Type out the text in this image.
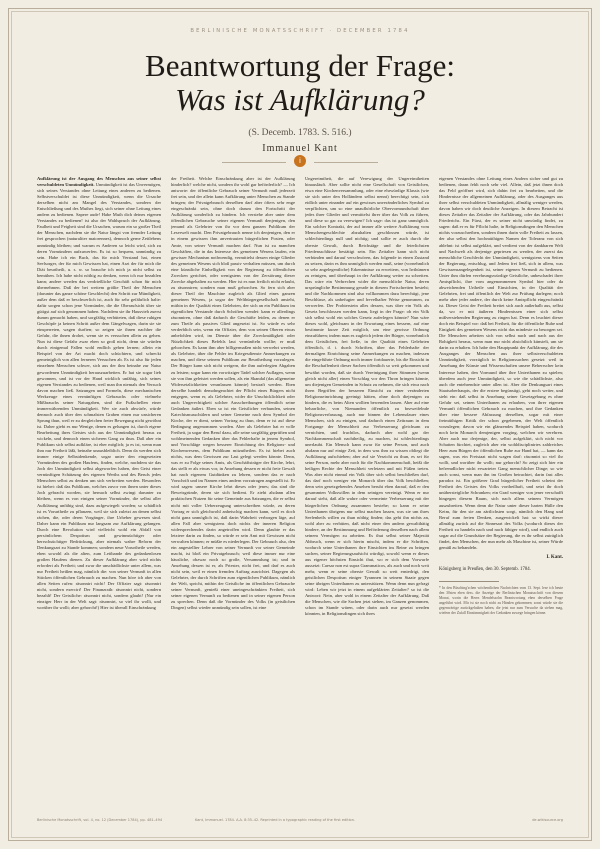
BERLINISCHE MONATSSCHRIFT · DECEMBER 1784
Beantwortung der Frage:
Was ist Aufklärung?
(S. Decemb. 1783. S. 516.)
Immanuel Kant
i

Aufklärung ist der Ausgang des Menschen aus seiner selbst verschuldeten Unmündigkeit. Unmündigkeit ist das Unvermögen, sich seines Verstandes ohne Leitung eines anderen zu bedienen. Selbstverschuldet ist diese Unmündigkeit, wenn die Ursache derselben nicht am Mangel des Verstandes, sondern der Entschließung und des Muthes liegt, sich seiner ohne Leitung eines andern zu bedienen. Sapere aude! Habe Muth dich deines eigenen Verstandes zu bedienen! ist also der Wahlspruch der Aufklärung. Faulheit und Feigheit sind die Ursachen, warum ein so großer Theil der Menschen, nachdem sie die Natur längst von fremder Leitung frei gesprochen (naturaliter maiorennes), dennoch gerne Zeitlebens unmündig bleiben; und warum es Anderen so leicht wird, sich zu deren Vormündern aufzuwerfen. Es ist so bequem, unmündig zu sein. Habe ich ein Buch, das für mich Verstand hat, einen Seelsorger, der für mich Gewissen hat, einen Arzt der für mich die Diät beurtheilt, u. s. w. so brauche ich mich ja nicht selbst zu bemühen. Ich habe nicht nöthig zu denken, wenn ich nur bezahlen kann; andere werden das verdrießliche Geschäft schon für mich übernehmen. Daß der bei weitem größte Theil der Menschen (darunter das ganze schöne Geschlecht) den Schritt zur Mündigkeit, außer dem daß er beschwerlich ist, auch für sehr gefährlich halte: dafür sorgen schon jene Vormünder, die die Oberaufsicht über sie gütigst auf sich genommen haben. Nachdem sie ihr Hausvieh zuerst dumm gemacht haben, und sorgfältig verhüteten, daß diese ruhigen Geschöpfe ja keinen Schritt außer dem Gängelwagen, darin sie sie einsperreten, wagen durften; so zeigen sie ihnen nachher die Gefahr, die ihnen drohet, wenn sie es versuchen allein zu gehen. Nun ist diese Gefahr zwar eben so groß nicht, denn sie würden durch einigemal Fallen wohl endlich gehen lernen; allein ein Beispiel von der Art macht doch schüchtern, und schreckt gemeiniglich von allen ferneren Versuchen ab. Es ist also für jeden einzelnen Menschen schwer, sich aus der ihm beinahe zur Natur gewordenen Unmündigkeit herauszuarbeiten. Er hat sie sogar lieb gewonnen, und ist vor der Hand wirklich unfähig, sich seines eigenen Verstandes zu bedienen, weil man ihn niemals den Versuch davon machen ließ. Satzungen und Formeln, diese mechanischen Werkzeuge eines vernünftigen Gebrauchs oder vielmehr Mißbrauchs seiner Naturgaben, sind die Fußschellen einer immerwährenden Unmündigkeit. Wer sie auch abwürfe, würde dennoch auch über den schmalsten Graben einen nur unsicheren Sprung thun, weil er zu dergleichen freier Bewegung nicht gewöhnt ist. Daher giebt es nur Wenige, denen es gelungen ist, durch eigene Bearbeitung ihres Geistes sich aus der Unmündigkeit heraus zu wickeln, und dennoch einen sicheren Gang zu thun. Daß aber ein Publikum sich selbst aufkläre, ist eher möglich; ja es ist, wenn man ihm nur Freiheit läßt, beinahe unausbleiblich. Denn da werden sich immer einige Selbstdenkende, sogar unter den eingesetzten Vormündern des großen Haufens, finden, welche, nachdem sie das Joch der Unmündigkeit selbst abgeworfen haben, den Geist einer vernünftigen Schätzung des eigenen Werths und des Berufs jedes Menschen selbst zu denken um sich verbreiten werden. Besonders ist hiebei: daß das Publikum, welches zuvor von ihnen unter dieses Joch gebracht worden, sie hernach selbst zwingt darunter zu bleiben, wenn es von einigen seiner Vormünder, die selbst aller Aufklärung unfähig sind, dazu aufgewiegelt worden; so schädlich ist es Vorurtheile zu pflanzen, weil sie sich zuletzt an denen selbst rächen, die, oder deren Vorgänger, ihre Urheber gewesen sind. Daher kann ein Publikum nur langsam zur Aufklärung gelangen. Durch eine Revolution wird vielleicht wohl ein Abfall von persönlichem Despotism und gewinnsüchtiger oder herrschsüchtiger Bedrückung, aber niemals wahre Reform der Denkungsart zu Stande kommen; sondern neue Vorurtheile werden, eben sowohl als die alten, zum Leitbande des gedankenlosen großen Haufens dienen. Zu dieser Aufklärung aber wird nichts erfordert als Freiheit; und zwar die unschädlichste unter allem, was nur Freiheit heißen mag, nämlich die: von seiner Vernunft in allen Stücken öffentlichen Gebrauch zu machen. Nun höre ich aber von allen Seiten rufen: räsonnirt nicht! Der Offizier sagt: räsonnirt nicht, sondern exercirt! Der Finanzrath: räsonnirt nicht, sondern bezahlt! Der Geistliche: räsonnirt nicht, sondern glaubt! (Nur ein einziger Herr in der Welt sagt: räsonnirt, so viel ihr wollt, und worüber ihr wollt; aber gehorcht!) Hier ist überall Einschränkung

der Freiheit. Welche Einschränkung aber ist der Aufklärung hinderlich? welche nicht, sondern ihr wohl gar beförderlich? — Ich antworte: der öffentliche Gebrauch seiner Vernunft muß jederzeit frei sein, und der allein kann Aufklärung unter Menschen zu Stande bringen; der Privatgebrauch derselben darf aber öfters sehr enge eingeschränkt sein, ohne doch darum den Fortschritt der Aufklärung sonderlich zu hindern. Ich verstehe aber unter dem öffentlichen Gebrauche seiner eigenen Vernunft denjenigen, den jemand als Gelehrter von ihr vor dem ganzen Publikum der Leserwelt macht. Den Privatgebrauch nenne ich denjenigen, den er in einem gewissen ihm anvertrauten bürgerlichen Posten, oder Amte, von seiner Vernunft machen darf. Nun ist zu manchen Geschäften, die in das Interesse des gemeinen Wesens laufen, ein gewisser Mechanism nothwendig, vermittelst dessen einige Glieder des gemeinen Wesens sich bloß passiv verhalten müssen, um durch eine künstliche Einhelligkeit von der Regierung zu öffentlichen Zwecken gerichtet, oder wenigstens von der Zerstörung dieser Zwecke abgehalten zu werden. Hier ist es nun freilich nicht erlaubt, zu räsonniren; sondern man muß gehorchen. So fern sich aber dieser Theil der Maschine zugleich als Glied eines ganzen gemeinen Wesens, ja sogar der Weltbürgergesellschaft ansieht, mithin in der Qualität eines Gelehrten, der sich an ein Publikum im eigentlichen Verstande durch Schriften wendet: kann er allerdings räsonniren, ohne daß dadurch die Geschäfte leiden, zu denen er zum Theile als passives Glied angesetzt ist. So würde es sehr verderblich sein, wenn ein Offizier, dem von seinen Oberen etwas anbefohlen wird, im Dienste über die Zweckmäßigkeit oder Nützlichkeit dieses Befehls laut vernünfteln wollte; er muß gehorchen. Es kann ihm aber billigermaßen nicht verwehrt werden, als Gelehrter, über die Fehler im Kriegesdienste Anmerkungen zu machen, und diese seinem Publikum zur Beurtheilung vorzulegen. Der Bürger kann sich nicht weigern, die ihm auferlegten Abgaben zu leisten; sogar kann ein vorwitziger Tadel solcher Auflagen, wenn sie von ihm geleistet werden sollen, als ein Skandal (das allgemeine Widersetzlichkeiten veranlassen könnte) bestraft werden. Eben derselbe handelt demohngeachtet der Pflicht eines Bürgers nicht entgegen, wenn er, als Gelehrter, wider die Unschicklichkeit oder auch Ungerechtigkeit solcher Ausschreibungen öffentlich seine Gedanken äußert. Eben so ist ein Geistlicher verbunden, seinen Katechismusschülern und seiner Gemeine nach dem Symbol der Kirche, der er dient, seinen Vortrag zu thun, denn er ist auf diese Bedingung angenommen worden. Aber als Gelehrter hat er volle Freiheit, ja sogar den Beruf dazu, alle seine sorgfältig geprüften und wohlmeinenden Gedanken über das Fehlerhafte in jenem Symbol, und Vorschläge wegen besserer Einrichtung des Religions- und Kirchenwesens, dem Publikum mitzutheilen. Es ist hiebei auch nichts, was dem Gewissen zur Last gelegt werden könnte. Denn, was er zu Folge seines Amts, als Geschäftsträger der Kirche, lehrt, das stellt er als etwas vor, in Ansehung dessen er nicht freie Gewalt hat nach eigenem Gutdünken zu lehren, sondern das er nach Vorschrift und im Namen eines andern vorzutragen angestellt ist. Er wird sagen: unsere Kirche lehrt dieses oder jenes; das sind die Beweisgründe, deren sie sich bedient. Er zieht alsdann allen praktischen Nutzen für seine Gemeinde aus Satzungen, die er selbst nicht mit voller Ueberzeugung unterschreiben würde, zu deren Vortrag er sich gleichwohl anheischig machen kann, weil es doch nicht ganz unmöglich ist, daß darin Wahrheit verborgen läge, auf allen Fall aber wenigstens doch nichts der inneren Religion widersprechendes darin angetroffen wird. Denn glaubte er das letztere darin zu finden, so würde er sein Amt mit Gewissen nicht verwalten können; er müßte es niederlegen. Der Gebrauch also, den ein angestellter Lehrer von seiner Vernunft vor seiner Gemeinde macht, ist bloß ein Privatgebrauch; weil diese immer nur eine häusliche, obzwar noch so große, Versammlung ist; und in Ansehung dessen ist er, als Priester, nicht frei, und darf es auch nicht sein, weil er einen fremden Auftrag ausrichtet. Dagegen als Gelehrter, der durch Schriften zum eigentlichen Publikum, nämlich der Welt, spricht, mithin der Geistliche im öffentlichen Gebrauche seiner Vernunft, genießt einer uneingeschränkten Freiheit, sich seiner eigenen Vernunft zu bedienen und in seiner eigenen Person zu sprechen. Denn daß die Vormünder des Volks (in geistlichen Dingen) selbst wieder unmündig sein sollen, ist eine

Ungereimtheit, die auf Verewigung der Ungereimtheiten hinausläuft. Aber sollte nicht eine Gesellschaft von Geistlichen, etwa eine Kirchenversammlung, oder eine ehrwürdige Klassis (wie sie sich unter den Holländern selbst nennt) berechtigt sein, sich eidlich unter einander auf ein gewisses unveränderliches Symbol zu verpflichten, um so eine unaufhörliche Obervormundschaft über jedes ihrer Glieder und vermittelst ihrer über das Volk zu führen, und diese so gar zu verewigen? Ich sage: das ist ganz unmöglich. Ein solcher Kontrakt, der auf immer alle weitere Aufklärung vom Menschengeschlechte abzuhalten geschlossen würde, ist schlechterdings null und nichtig; und sollte er auch durch die oberste Gewalt, durch Reichstäge und die feierlichsten Friedensschlüsse bestätigt sein. Ein Zeitalter kann sich nicht verbünden und darauf verschwören, das folgende in einen Zustand zu setzen, darin es ihm unmöglich werden muß, seine (vornehmlich so sehr angelegentliche) Erkenntnisse zu erweitern, von Irrthümern zu reinigen, und überhaupt in der Aufklärung weiter zu schreiten. Das wäre ein Verbrechen wider die menschliche Natur, deren ursprüngliche Bestimmung gerade in diesem Fortschreiten besteht; und die Nachkommen sind also vollkommen dazu berechtigt, jene Beschlüsse, als unbefugter und frevelhafter Weise genommen, zu verwerfen. Der Probierstein alles dessen, was über ein Volk als Gesetz beschlossen werden kann, liegt in der Frage: ob ein Volk sich selbst wohl ein solches Gesetz auferlegen könnte? Nun wäre dieses wohl, gleichsam in der Erwartung eines bessern, auf eine bestimmte kurze Zeit möglich, um eine gewisse Ordnung einzuführen; indem man es zugleich jedem der Bürger, vornehmlich dem Geistlichen, frei ließe, in der Qualität eines Gelehrten öffentlich, d. i. durch Schriften, über das Fehlerhafte der dermaligen Einrichtung seine Anmerkungen zu machen, indessen die eingeführte Ordnung noch immer fortdauerte, bis die Einsicht in die Beschaffenheit dieser Sachen öffentlich so weit gekommen und bewährt worden, daß sie durch Vereinigung ihrer Stimmen (wenn gleich nicht aller) einen Vorschlag vor den Thron bringen könnte, um diejenigen Gemeinden in Schutz zu nehmen, die sich etwa nach ihren Begriffen der besseren Einsicht zu einer veränderten Religionseinrichtung geeinigt hätten, ohne doch diejenigen zu hindern, die es beim Alten wollten bewenden lassen. Aber auf eine beharrliche, von Niemanden öffentlich zu bezweifelnde Religionsverfassung, auch nur binnen der Lebensdauer eines Menschen, sich zu einigen, und dadurch einen Zeitraum in dem Fortgange der Menschheit zur Verbesserung gleichsam zu vernichten, und fruchtlos, dadurch aber wohl gar der Nachkommenschaft nachtheilig, zu machen, ist schlechterdings unerlaubt. Ein Mensch kann zwar für seine Person, und auch alsdann nur auf einige Zeit, in dem was ihm zu wissen obliegt die Aufklärung aufschieben; aber auf sie Verzicht zu thun, es sei für seine Person, mehr aber noch für die Nachkommenschaft, heißt die heiligen Rechte der Menschheit verletzen und mit Füßen treten. Was aber nicht einmal ein Volk über sich selbst beschließen darf, das darf noch weniger ein Monarch über das Volk beschließen; denn sein gesetzgebendes Ansehen beruht eben darauf, daß er den gesammten Volkswillen in dem seinigen vereinigt. Wenn er nur darauf sieht, daß alle wahre oder vermeinte Verbesserung mit der bürgerlichen Ordnung zusammen bestehe; so kann er seine Unterthanen übrigens nur selbst machen lassen, was sie um ihres Seelenheils willen zu thun nöthig finden; das geht ihn nichts an, wohl aber zu verhüten, daß nicht einer den andern gewaltthätig hindere, an der Bestimmung und Beförderung desselben nach allem seinem Vermögen zu arbeiten. Es thut selbst seiner Majestät Abbruch, wenn er sich hierin mischt, indem er die Schriften, wodurch seine Unterthanen ihre Einsichten ins Reine zu bringen suchen, seiner Regierungsaufsicht würdigt, sowohl wenn er dieses aus eigener höchsten Einsicht thut, wo er sich dem Vorwurfe aussetzt: Caesar non est supra Grammaticos, als auch und noch weit mehr, wenn er seine oberste Gewalt so weit erniedrigt, den geistlichen Despotism einiger Tyrannen in seinem Staate gegen seine übrigen Unterthanen zu unterstützen. Wenn denn nun gefragt wird: Leben wir jetzt in einem aufgeklärten Zeitalter? so ist die Antwort: Nein, aber wohl in einem Zeitalter der Aufklärung. Daß die Menschen, wie die Sachen jetzt stehen, im Ganzen genommen, schon im Stande wären, oder darin auch nur gesetzt werden könnten, in Religionsdingen sich ihres

eigenen Verstandes ohne Leitung eines Andern sicher und gut zu bedienen, daran fehlt noch sehr viel. Allein, daß jetzt ihnen doch das Feld geöffnet wird, sich dahin frei zu bearbeiten, und die Hindernisse der allgemeinen Aufklärung, oder des Ausganges aus ihrer selbst verschuldeten Unmündigkeit, allmälig weniger werden, davon haben wir doch deutliche Anzeigen. In diesem Betracht ist dieses Zeitalter das Zeitalter der Aufklärung, oder das Jahrhundert Friederichs. Ein Fürst, der es seiner nicht unwürdig findet, zu sagen: daß er es für Pflicht halte, in Religionsdingen den Menschen nichts vorzuschreiben, sondern ihnen darin volle Freiheit zu lassen, der also selbst den hochmüthigen Namen der Toleranz von sich ablehnt: ist selbst aufgeklärt, und verdient von der dankbaren Welt und Nachwelt als derjenige gepriesen zu werden, der zuerst das menschliche Geschlecht der Unmündigkeit, wenigstens von Seiten der Regierung, entschlug, und Jedem frei ließ, sich in allem, was Gewissensangelegenheit ist, seiner eigenen Vernunft zu bedienen. Unter ihm dürfen verehrungswürdige Geistliche, unbeschadet ihrer Amtspflicht, ihre vom angenommenen Symbol hier oder da abweichenden Urtheile und Einsichten, in der Qualität der Gelehrten, frei und öffentlich der Welt zur Prüfung darlegen; noch mehr aber jeder andere, der durch keine Amtspflicht eingeschränkt ist. Dieser Geist der Freiheit breitet sich auch außerhalb aus, selbst da, wo er mit äußeren Hindernissen einer sich selbst mißverstehenden Regierung zu ringen hat. Denn es leuchtet dieser doch ein Beispiel vor: daß bei Freiheit, für die öffentliche Ruhe und Einigkeit des gemeinen Wesens nicht das mindeste zu besorgen sei. Die Menschen arbeiten sich von selbst nach und nach aus der Rohigkeit heraus, wenn man nur nicht absichtlich künstelt, um sie darin zu erhalten. Ich habe den Hauptpunkt der Aufklärung, die des Ausganges der Menschen aus ihrer selbstverschuldeten Unmündigkeit, vorzüglich in Religionssachen gesetzt: weil in Ansehung der Künste und Wissenschaften unsere Beherrscher kein Interesse haben, den Vormund über ihre Unterthanen zu spielen; überdem auch jene Unmündigkeit, so wie die schädlichste, also auch die entehrendste unter allen ist. Aber die Denkungsart eines Staatsoberhaupts, der die erstere begünstigt, geht noch weiter, und sieht ein: daß selbst in Ansehung seiner Gesetzgebung es ohne Gefahr sei, seinen Unterthanen zu erlauben, von ihrer eigenen Vernunft öffentlichen Gebrauch zu machen, und ihre Gedanken über eine bessere Abfassung derselben, sogar mit einer freimüthigen Kritik der schon gegebenen, der Welt öffentlich vorzulegen; davon wir ein glänzendes Beispiel haben, wodurch noch kein Monarch demjenigen vorging, welchen wir verehren. Aber auch nur derjenige, der, selbst aufgeklärt, sich nicht vor Schatten fürchtet, zugleich aber ein wohldisciplinirtes zahlreiches Heer zum Bürgen der öffentlichen Ruhe zur Hand hat, — kann das sagen, was ein Freistaat nicht wagen darf: räsonnirt so viel ihr wollt, und worüber ihr wollt; nur gehorcht! So zeigt sich hier ein befremdlicher nicht erwarteter Gang menschlicher Dinge; so wie auch sonst, wenn man ihn im Großen betrachtet, darin fast alles paradox ist. Ein größerer Grad bürgerlicher Freiheit scheint der Freiheit des Geistes des Volks vortheilhaft, und setzt ihr doch unübersteigliche Schranken; ein Grad weniger von jener verschafft hingegen diesem Raum, sich nach allem seinem Vermögen auszubreiten. Wenn denn die Natur unter dieser harten Hülle den Keim, für den sie am zärtlichsten sorgt, nämlich den Hang und Beruf zum freien Denken, ausgewickelt hat: so wirkt dieser allmälig zurück auf die Sinnesart des Volks (wodurch dieses der Freiheit zu handeln nach und nach fähiger wird), und endlich auch sogar auf die Grundsätze der Regierung, die es ihr selbst zuträglich findet, den Menschen, der nun mehr als Maschine ist, seiner Würde gemäß zu behandeln.

I. Kant.

Königsberg in Preußen, den 30. Septemb. 1784.

* In den Büsching'schen wöchentlichen Nachrichten vom 13. Sept. lese ich heute den 30sten eben dess. die Anzeige der Berlinischen Monatsschrift von diesem Monat, worin die Herrn Mendelssohn Beantwortung eben derselben Frage angeführt wird. Mir ist sie noch nicht zu Händen gekommen; sonst würde sie die gegenwärtige zurückgehalten haben, die jetzt nur zum Versuche da stehen mag, wiefern der Zufall Einstimmigkeit der Gedanken zuwege bringen könne.

Berlinische Monatsschrift, vol. 4, no. 12 (December 1784), pp. 481–494	Kant, Immanuel. 1784. A.A. 8:35–42. Reprinted in a typographic reading of the first edition.	de.wikisource.org
